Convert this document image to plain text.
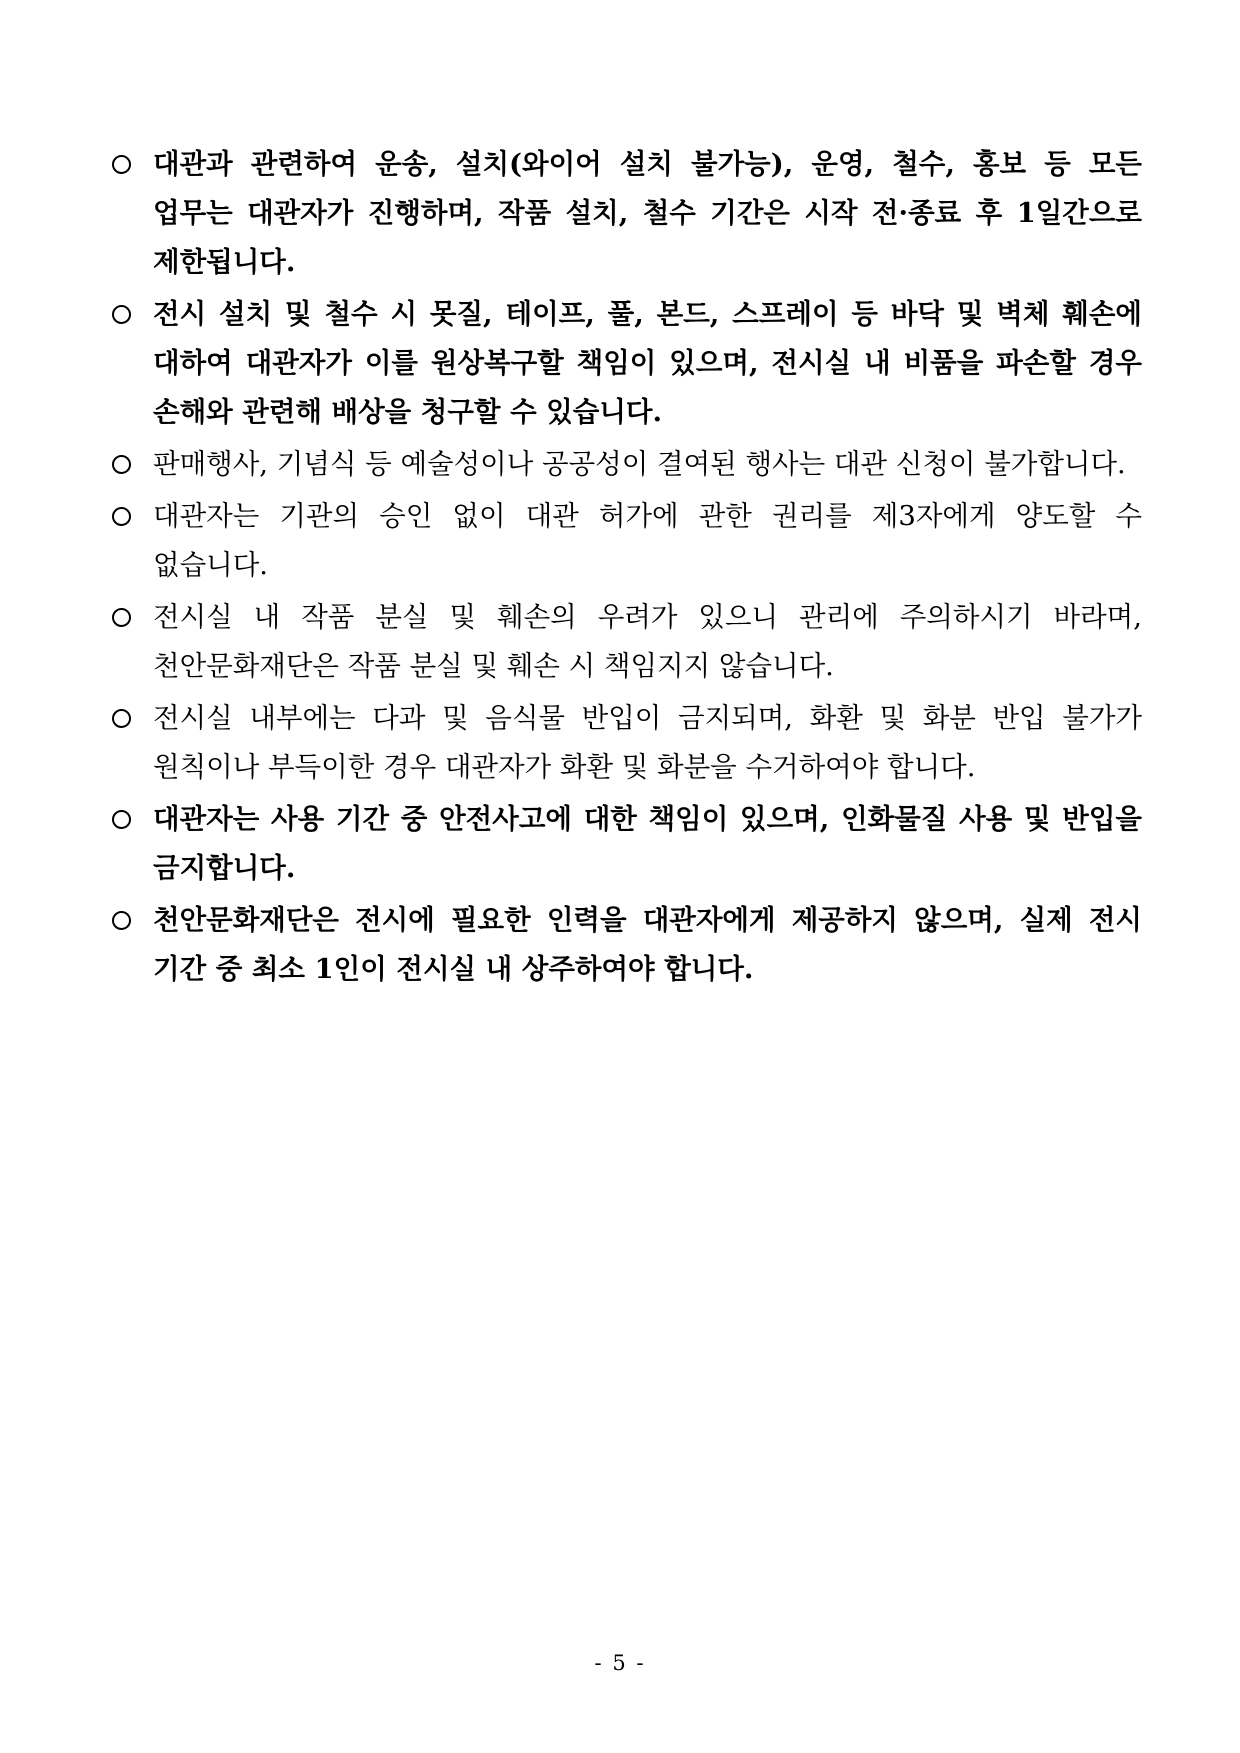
대관과 관련하여 운송, 설치(와이어 설치 불가능), 운영, 철수, 홍보 등 모든 업무는 대관자가 진행하며, 작품 설치, 철수 기간은 시작 전·종료 후 1일간으로 제한됩니다.
전시 설치 및 철수 시 못질, 테이프, 풀, 본드, 스프레이 등 바닥 및 벽체 훼손에 대하여 대관자가 이를 원상복구할 책임이 있으며, 전시실 내 비품을 파손할 경우 손해와 관련해 배상을 청구할 수 있습니다.
판매행사, 기념식 등 예술성이나 공공성이 결여된 행사는 대관 신청이 불가합니다.
대관자는 기관의 승인 없이 대관 허가에 관한 권리를 제3자에게 양도할 수 없습니다.
전시실 내 작품 분실 및 훼손의 우려가 있으니 관리에 주의하시기 바라며, 천안문화재단은 작품 분실 및 훼손 시 책임지지 않습니다.
전시실 내부에는 다과 및 음식물 반입이 금지되며, 화환 및 화분 반입 불가가 원칙이나 부득이한 경우 대관자가 화환 및 화분을 수거하여야 합니다.
대관자는 사용 기간 중 안전사고에 대한 책임이 있으며, 인화물질 사용 및 반입을 금지합니다.
천안문화재단은 전시에 필요한 인력을 대관자에게 제공하지 않으며, 실제 전시 기간 중 최소 1인이 전시실 내 상주하여야 합니다.
- 5 -
